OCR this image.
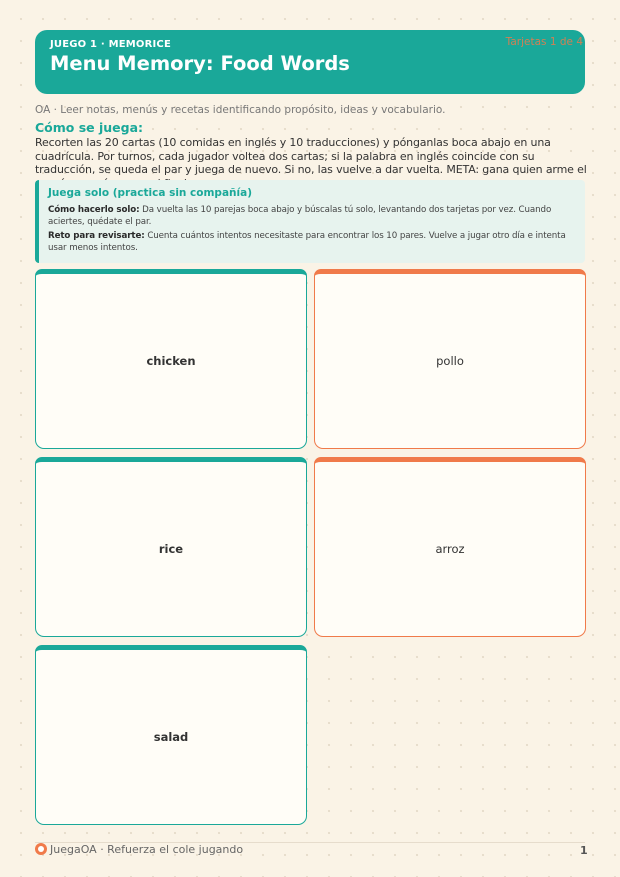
JUEGO 1 · MEMORICE
Menu Memory: Food Words
Tarjetas 1 de 4
OA · Leer notas, menús y recetas identificando propósito, ideas y vocabulario.
Cómo se juega:
Recorten las 20 cartas (10 comidas en inglés y 10 traducciones) y pónganlas boca abajo en una cuadrícula. Por turnos, cada jugador voltea dos cartas; si la palabra en inglés coincide con su traducción, se queda el par y juega de nuevo. Si no, las vuelve a dar vuelta. META: gana quien arme el
Juega solo (practica sin compañía)
Cómo hacerlo solo: Da vuelta las 10 parejas boca abajo y búscalas tú solo, levantando dos tarjetas por vez. Cuando aciertes, quédate el par.
Reto para revisarte: Cuenta cuántos intentos necesitaste para encontrar los 10 pares. Vuelve a jugar otro día e intenta usar menos intentos.
chicken	pollo
rice	arroz
salad
JuegaOA · Refuerza el cole jugando	1
